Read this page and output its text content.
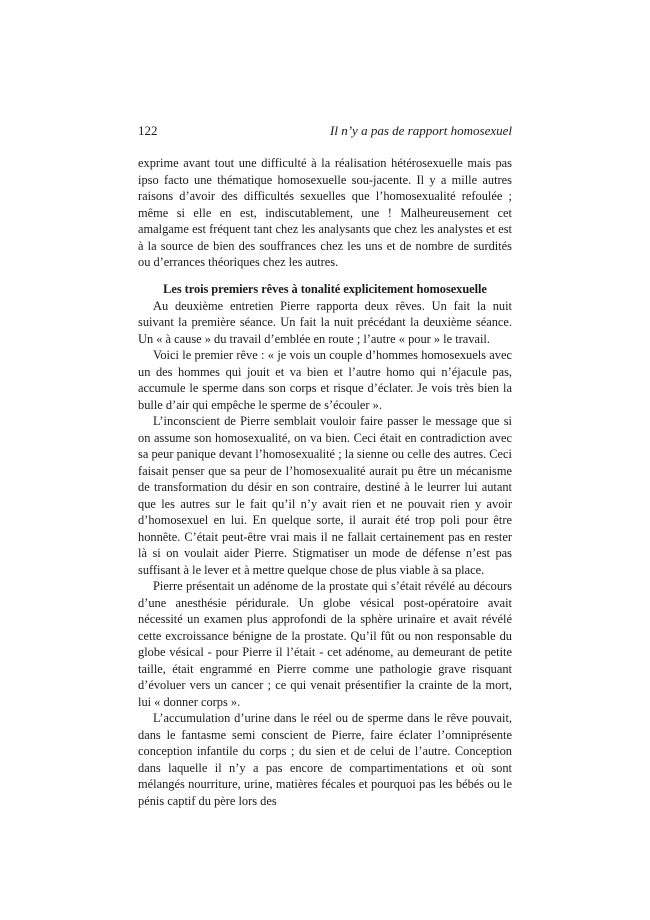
122	Il n’y a pas de rapport homosexuel

exprime avant tout une difficulté à la réalisation hétérosexuelle mais pas ipso facto une thématique homosexuelle sou-jacente. Il y a mille autres raisons d’avoir des difficultés sexuelles que l’homosexualité refoulée ; même si elle en est, indiscutablement, une ! Malheureusement cet amalgame est fréquent tant chez les analysants que chez les analystes et est à la source de bien des souffrances chez les uns et de nombre de surdités ou d’errances théoriques chez les autres.

Les trois premiers rêves à tonalité explicitement homosexuelle

Au deuxième entretien Pierre rapporta deux rêves. Un fait la nuit suivant la première séance. Un fait la nuit précédant la deuxième séance. Un « à cause » du travail d’emblée en route ; l’autre « pour » le travail.

Voici le premier rêve : « je vois un couple d’hommes homosexuels avec un des hommes qui jouit et va bien et l’autre homo qui n’éjacule pas, accumule le sperme dans son corps et risque d’éclater. Je vois très bien la bulle d’air qui empêche le sperme de s’écouler ».

L’inconscient de Pierre semblait vouloir faire passer le message que si on assume son homosexualité, on va bien. Ceci était en contradiction avec sa peur panique devant l’homosexualité ; la sienne ou celle des autres. Ceci faisait penser que sa peur de l’homosexualité aurait pu être un mécanisme de transformation du désir en son contraire, destiné à le leurrer lui autant que les autres sur le fait qu’il n’y avait rien et ne pouvait rien y avoir d’homosexuel en lui. En quelque sorte, il aurait été trop poli pour être honnête. C’était peut-être vrai mais il ne fallait certainement pas en rester là si on voulait aider Pierre. Stigmatiser un mode de défense n’est pas suffisant à le lever et à mettre quelque chose de plus viable à sa place.

Pierre présentait un adénome de la prostate qui s’était révélé au décours d’une anesthésie péridurale. Un globe vésical post-opératoire avait nécessité un examen plus approfondi de la sphère urinaire et avait révélé cette excroissance bénigne de la prostate. Qu’il fût ou non responsable du globe vésical - pour Pierre il l’était - cet adénome, au demeurant de petite taille, était engrammé en Pierre comme une pathologie grave risquant d’évoluer vers un cancer ; ce qui venait présentifier la crainte de la mort, lui « donner corps ».

L’accumulation d’urine dans le réel ou de sperme dans le rêve pouvait, dans le fantasme semi conscient de Pierre, faire éclater l’omniprésente conception infantile du corps ; du sien et de celui de l’autre. Conception dans laquelle il n’y a pas encore de compartimentations et où sont mélangés nourriture, urine, matières fécales et pourquoi pas les bébés ou le pénis captif du père lors des
